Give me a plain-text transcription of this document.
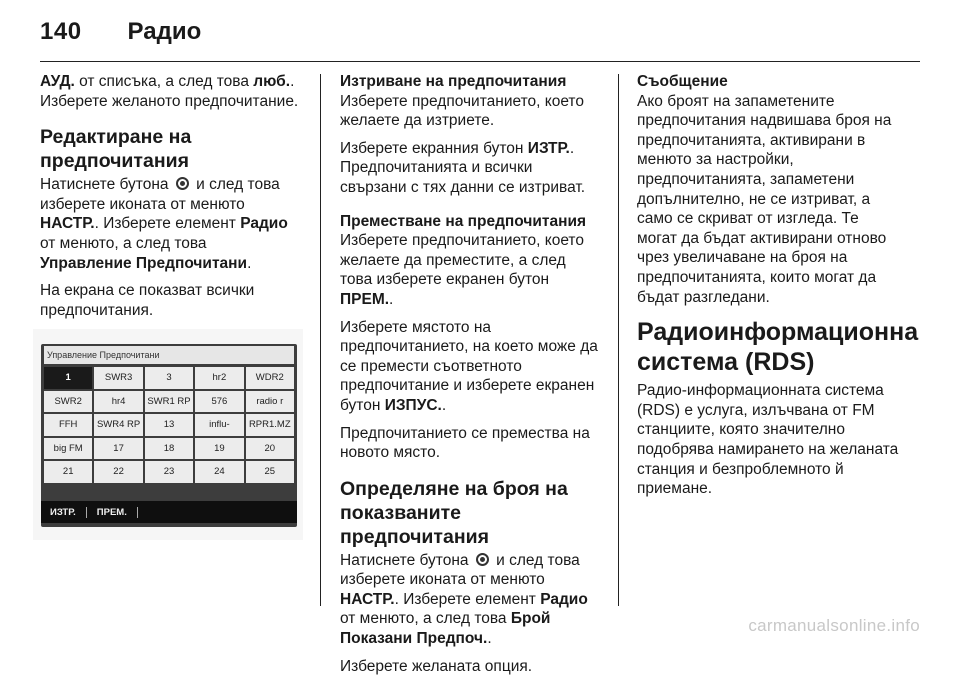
140 Радио

АУД. от списъка, а след това люб.. Изберете желаното предпочитание.

Редактиране на предпочитания

Натиснете бутона  и след това изберете иконата от менюто НАСТР.. Изберете елемент Радио от менюто, а след това Управление Предпочитани.

На екрана се показват всички предпочитания.

Управление Предпочитани
1	SWR3	3	hr2	WDR2
SWR2	hr4	SWR1 RP	576	radio r
FFH	SWR4 RP	13	influ-	RPR1.MZ
big FM	17	18	19	20
21	22	23	24	25
ИЗТР.	ПРЕМ.

Изтриване на предпочитания

Изберете предпочитанието, което желаете да изтриете.

Изберете екранния бутон ИЗТР.. Предпочитанията и всички свързани с тях данни се изтриват.

Преместване на предпочитания

Изберете предпочитанието, което желаете да преместите, а след това изберете екранен бутон ПРЕМ..

Изберете мястото на предпочитанието, на което може да се премести съответното предпочитание и изберете екранен бутон ИЗПУС..

Предпочитанието се премества на новото място.

Определяне на броя на показваните предпочитания

Натиснете бутона  и след това изберете иконата от менюто НАСТР.. Изберете елемент Радио от менюто, а след това Брой Показани Предпоч..

Изберете желаната опция.

Съобщение

Ако броят на запаметените предпочитания надвишава броя на предпочитанията, активирани в менюто за настройки, предпочитанията, запаметени допълнително, не се изтриват, а само се скриват от изгледа. Те могат да бъдат активирани отново чрез увеличаване на броя на предпочитанията, които могат да бъдат разгледани.

Радиоинформационна система (RDS)

Радио-информационната система (RDS) е услуга, излъчвана от FM станциите, която значително подобрява намирането на желаната станция и безпроблемното й приемане.

carmanualsonline.info
